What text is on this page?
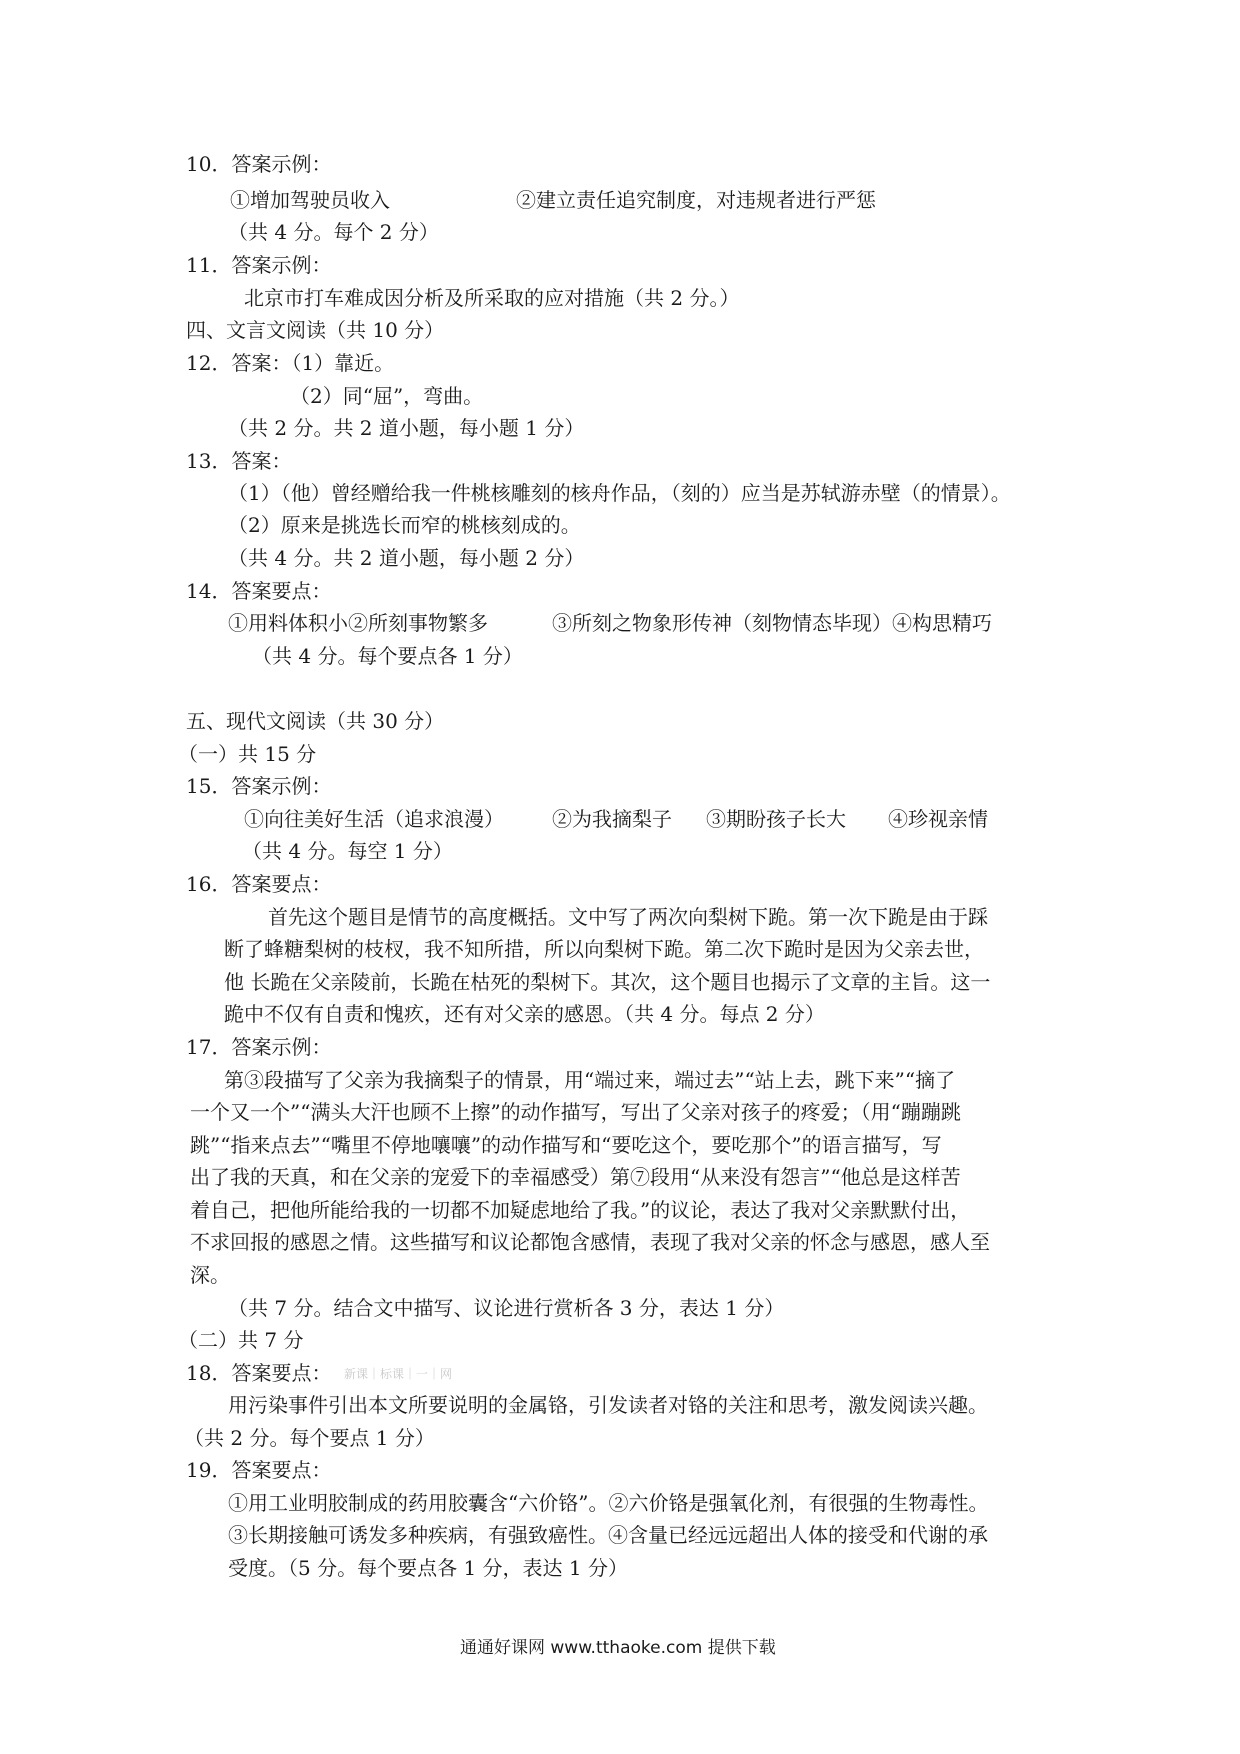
10．答案示例：
①增加驾驶员收入	②建立责任追究制度，对违规者进行严惩
（共 4 分。每个 2 分）
11．答案示例：
北京市打车难成因分析及所采取的应对措施（共 2 分。）
四、文言文阅读（共 10 分）
12．答案：（1）靠近。
（2）同“屈”，弯曲。
（共 2 分。共 2 道小题，每小题 1 分）
13．答案：
（1）（他）曾经赠给我一件桃核雕刻的核舟作品，（刻的）应当是苏轼游赤壁（的情景）。
（2）原来是挑选长而窄的桃核刻成的。
（共 4 分。共 2 道小题，每小题 2 分）
14．答案要点：
①用料体积小②所刻事物繁多	③所刻之物象形传神（刻物情态毕现）④构思精巧
（共 4 分。每个要点各 1 分）
五、现代文阅读（共 30 分）
（一）共 15 分
15．答案示例：
①向往美好生活（追求浪漫） ②为我摘梨子 ③期盼孩子长大 ④珍视亲情
（共 4 分。每空 1 分）
16．答案要点：
首先这个题目是情节的高度概括。文中写了两次向梨树下跪。第一次下跪是由于踩
断了蜂糖梨树的枝杈，我不知所措，所以向梨树下跪。第二次下跪时是因为父亲去世，
他 长跪在父亲陵前，长跪在枯死的梨树下。其次，这个题目也揭示了文章的主旨。这一
跪中不仅有自责和愧疚，还有对父亲的感恩。（共 4 分。每点 2 分）
17．答案示例：
第③段描写了父亲为我摘梨子的情景，用“端过来，端过去”“站上去，跳下来”“摘了
一个又一个”“满头大汗也顾不上擦”的动作描写，写出了父亲对孩子的疼爱；（用“蹦蹦跳
跳”“指来点去”“嘴里不停地嚷嚷”的动作描写和“要吃这个，要吃那个”的语言描写，写
出了我的天真，和在父亲的宠爱下的幸福感受）第⑦段用“从来没有怨言”“他总是这样苦
着自己，把他所能给我的一切都不加疑虑地给了我。”的议论，表达了我对父亲默默付出，
不求回报的感恩之情。这些描写和议论都饱含感情，表现了我对父亲的怀念与感恩，感人至
深。
（共 7 分。结合文中描写、议论进行赏析各 3 分，表达 1 分）
（二）共 7 分
18．答案要点： 新课｜标课｜一｜网
用污染事件引出本文所要说明的金属铬，引发读者对铬的关注和思考，激发阅读兴趣。
（共 2 分。每个要点 1 分）
19．答案要点：
①用工业明胶制成的药用胶囊含“六价铬”。②六价铬是强氧化剂，有很强的生物毒性。
③长期接触可诱发多种疾病，有强致癌性。④含量已经远远超出人体的接受和代谢的承
受度。（5 分。每个要点各 1 分，表达 1 分）
通通好课网 www.tthaoke.com 提供下载
